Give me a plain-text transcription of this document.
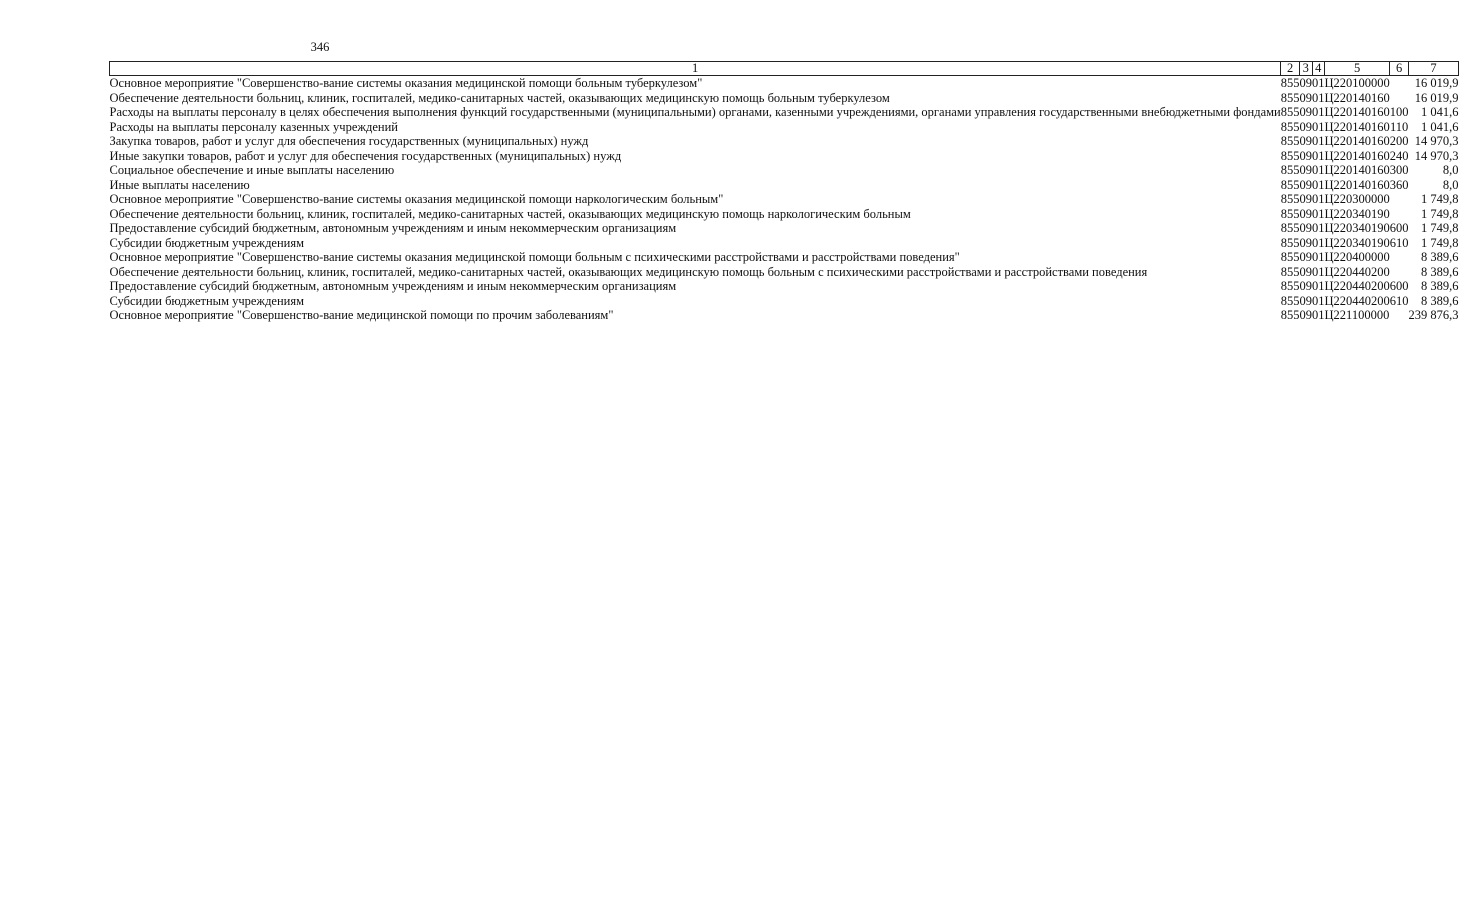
346
1	2	3	4	5	6	7
Основное мероприятие "Совершенство-вание системы оказания медицинской помощи больным туберкулезом"	855	09	01	Ц220100000		16 019,9
Обеспечение деятельности больниц, клиник, госпиталей, медико-санитарных частей, оказывающих медицинскую помощь больным туберкулезом	855	09	01	Ц220140160		16 019,9
Расходы на выплаты персоналу в целях обеспечения выполнения функций государственными (муниципальными) органами, казенными учреждениями, органами управления государственными внебюджетными фондами	855	09	01	Ц220140160	100	1 041,6
Расходы на выплаты персоналу казенных учреждений	855	09	01	Ц220140160	110	1 041,6
Закупка товаров, работ и услуг для обеспечения государственных (муниципальных) нужд	855	09	01	Ц220140160	200	14 970,3
Иные закупки товаров, работ и услуг для обеспечения государственных (муниципальных) нужд	855	09	01	Ц220140160	240	14 970,3
Социальное обеспечение и иные выплаты населению	855	09	01	Ц220140160	300	8,0
Иные выплаты населению	855	09	01	Ц220140160	360	8,0
Основное мероприятие "Совершенство-вание системы оказания медицинской помощи наркологическим больным"	855	09	01	Ц220300000		1 749,8
Обеспечение деятельности больниц, клиник, госпиталей, медико-санитарных частей, оказывающих медицинскую помощь наркологическим больным	855	09	01	Ц220340190		1 749,8
Предоставление субсидий бюджетным, автономным учреждениям и иным некоммерческим организациям	855	09	01	Ц220340190	600	1 749,8
Субсидии бюджетным учреждениям	855	09	01	Ц220340190	610	1 749,8
Основное мероприятие "Совершенство-вание системы оказания медицинской помощи больным с психическими расстройствами и расстройствами поведения"	855	09	01	Ц220400000		8 389,6
Обеспечение деятельности больниц, клиник, госпиталей, медико-санитарных частей, оказывающих медицинскую помощь больным с психическими расстройствами и расстройствами поведения	855	09	01	Ц220440200		8 389,6
Предоставление субсидий бюджетным, автономным учреждениям и иным некоммерческим организациям	855	09	01	Ц220440200	600	8 389,6
Субсидии бюджетным учреждениям	855	09	01	Ц220440200	610	8 389,6
Основное мероприятие "Совершенство-вание медицинской помощи по прочим заболеваниям"	855	09	01	Ц221100000		239 876,3
